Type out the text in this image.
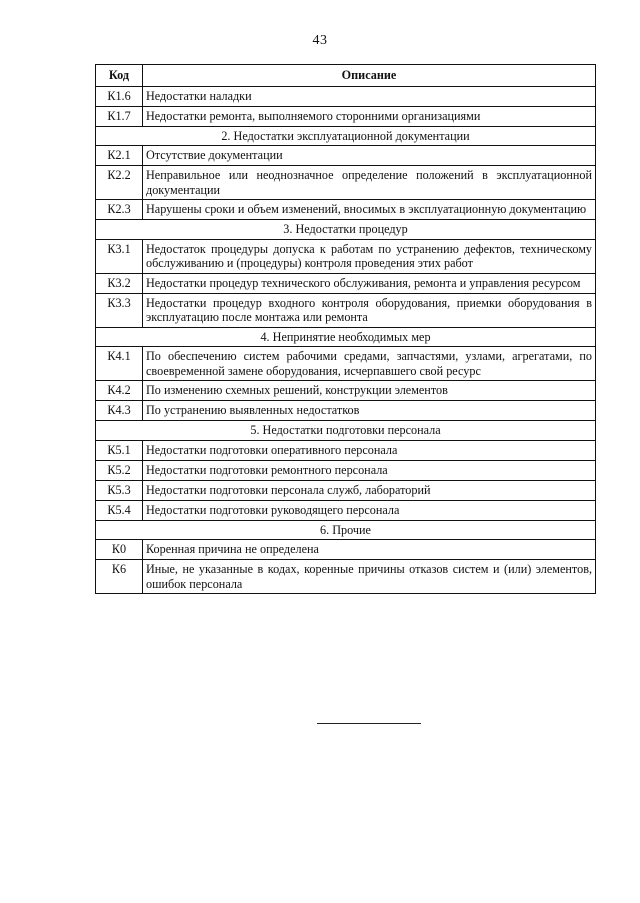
43
Код	Описание
К1.6	Недостатки наладки
К1.7	Недостатки ремонта, выполняемого сторонними организациями
2. Недостатки эксплуатационной документации	
К2.1	Отсутствие документации
К2.2	Неправильное или неоднозначное определение положений в эксплуатационной документации
К2.3	Нарушены сроки и объем изменений, вносимых в эксплуатационную документацию
3. Недостатки процедур	
К3.1	Недостаток процедуры допуска к работам по устранению дефектов, техническому обслуживанию и (процедуры) контроля проведения этих работ
К3.2	Недостатки процедур технического обслуживания, ремонта и управления ресурсом
К3.3	Недостатки процедур входного контроля оборудования, приемки оборудования в эксплуатацию после монтажа или ремонта
4. Непринятие необходимых мер	
К4.1	По обеспечению систем рабочими средами, запчастями, узлами, агрегатами, по своевременной замене оборудования, исчерпавшего свой ресурс
К4.2	По изменению схемных решений, конструкции элементов
К4.3	По устранению выявленных недостатков
5. Недостатки подготовки персонала	
К5.1	Недостатки подготовки оперативного персонала
К5.2	Недостатки подготовки ремонтного персонала
К5.3	Недостатки подготовки персонала служб, лабораторий
К5.4	Недостатки подготовки руководящего персонала
6. Прочие	
К0	Коренная причина не определена
К6	Иные, не указанные в кодах, коренные причины отказов систем и (или) элементов, ошибок персонала
